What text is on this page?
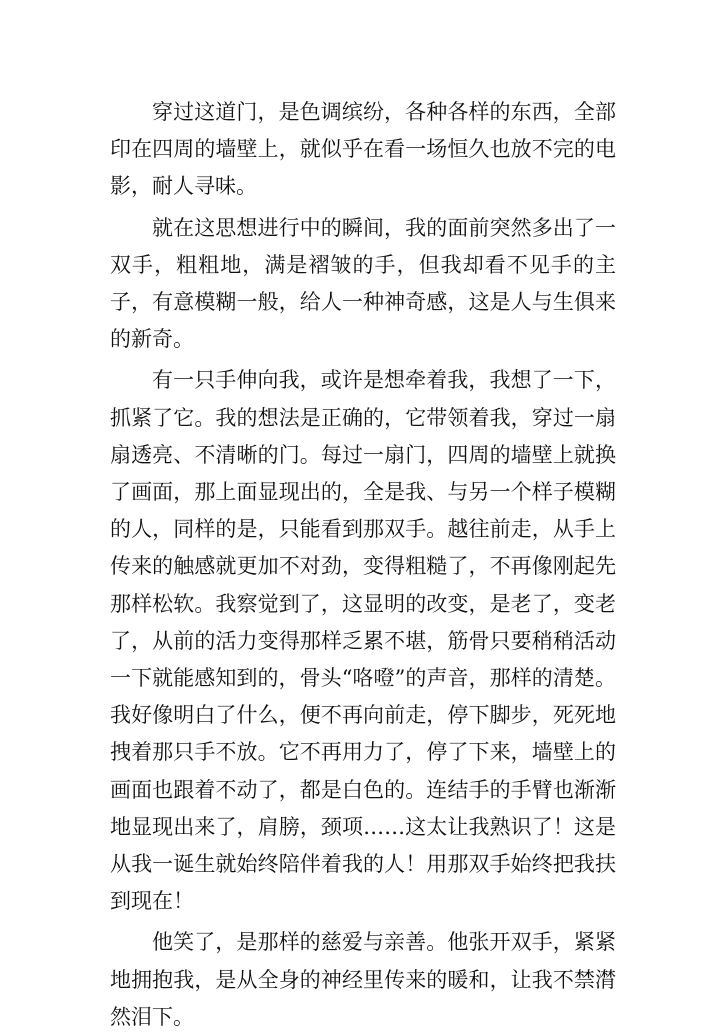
穿过这道门，是色调缤纷，各种各样的东西，全部印在四周的墙壁上，就似乎在看一场恒久也放不完的电影，耐人寻味。

就在这思想进行中的瞬间，我的面前突然多出了一双手，粗粗地，满是褶皱的手，但我却看不见手的主子，有意模糊一般，给人一种神奇感，这是人与生俱来的新奇。

有一只手伸向我，或许是想牵着我，我想了一下，抓紧了它。我的想法是正确的，它带领着我，穿过一扇扇透亮、不清晰的门。每过一扇门，四周的墙壁上就换了画面，那上面显现出的，全是我、与另一个样子模糊的人，同样的是，只能看到那双手。越往前走，从手上传来的触感就更加不对劲，变得粗糙了，不再像刚起先那样松软。我察觉到了，这显明的改变，是老了，变老了，从前的活力变得那样乏累不堪，筋骨只要稍稍活动一下就能感知到的，骨头“咯噔”的声音，那样的清楚。我好像明白了什么，便不再向前走，停下脚步，死死地拽着那只手不放。它不再用力了，停了下来，墙壁上的画面也跟着不动了，都是白色的。连结手的手臂也渐渐地显现出来了，肩膀，颈项……这太让我熟识了！这是从我一诞生就始终陪伴着我的人！用那双手始终把我扶到现在！

他笑了，是那样的慈爱与亲善。他张开双手，紧紧地拥抱我，是从全身的神经里传来的暖和，让我不禁潸然泪下。
